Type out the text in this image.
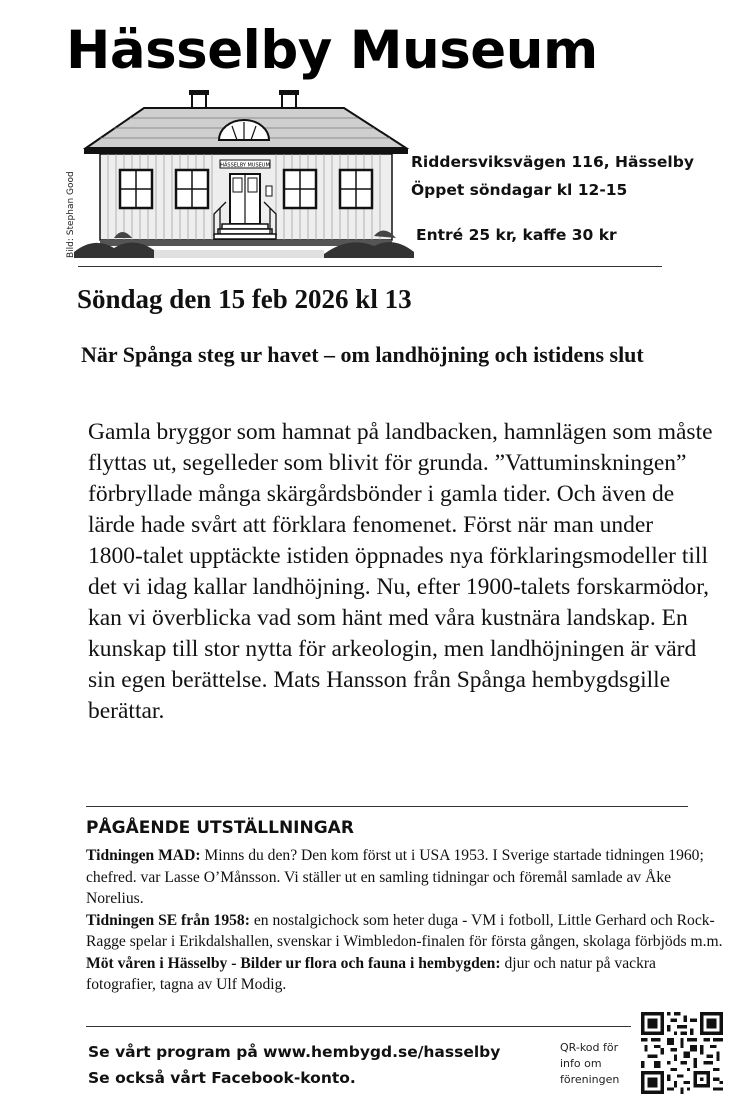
Hässelby Museum
HÄSSELBY MUSEUM
Bild: Stephan Good
Riddersviksvägen 116, Hässelby
Öppet söndagar kl 12-15
Entré 25 kr, kaffe 30 kr
Söndag den 15 feb 2026 kl 13
När Spånga steg ur havet – om landhöjning och istidens slut
Gamla bryggor som hamnat på landbacken, hamnlägen som måste flyttas ut, segelleder som blivit för grunda. ”Vattuminskningen” förbryllade många skärgårdsbönder i gamla tider. Och även de lärde hade svårt att förklara fenomenet. Först när man under 1800-talet upptäckte istiden öppnades nya förklaringsmodeller till det vi idag kallar landhöjning. Nu, efter 1900-talets forskarmödor, kan vi överblicka vad som hänt med våra kustnära landskap. En kunskap till stor nytta för arkeologin, men landhöjningen är värd sin egen berättelse. Mats Hansson från Spånga hembygdsgille berättar.
PÅGÅENDE UTSTÄLLNINGAR

Tidningen MAD: Minns du den? Den kom först ut i USA 1953. I Sverige startade tidningen 1960; chefred. var Lasse O’Månsson. Vi ställer ut en samling tidningar och föremål samlade av Åke Norelius.

Tidningen SE från 1958: en nostalgichock som heter duga - VM i fotboll, Little Gerhard och Rock-Ragge spelar i Erikdalshallen, svenskar i Wimbledon-finalen för första gången, skolaga förbjöds m.m.

Möt våren i Hässelby - Bilder ur flora och fauna i hembygden: djur och natur på vackra fotografier, tagna av Ulf Modig.

Se vårt program på www.hembygd.se/hasselby
Se också vårt Facebook-konto.
QR-kod för info om föreningen
